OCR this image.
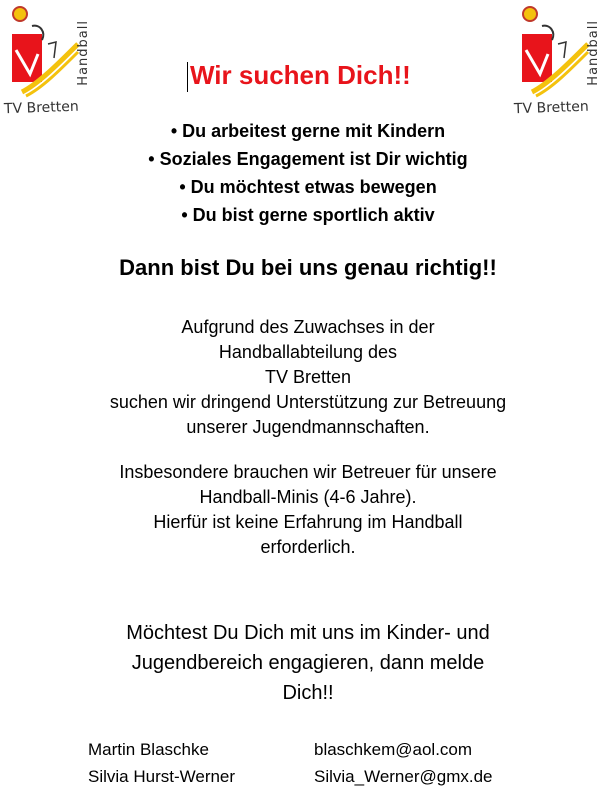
TV Bretten
Handball
TV Bretten
Handball
Wir suchen Dich!!
• Du arbeitest gerne mit Kindern
• Soziales Engagement ist Dir wichtig
• Du möchtest etwas bewegen
• Du bist gerne sportlich aktiv
Dann bist Du bei uns genau richtig!!
Aufgrund des Zuwachses in der
Handballabteilung des
TV Bretten
suchen wir dringend Unterstützung zur Betreuung
unserer Jugendmannschaften.
Insbesondere brauchen wir Betreuer für unsere
Handball-Minis (4-6 Jahre).
Hierfür ist keine Erfahrung im Handball
erforderlich.
Möchtest Du Dich mit uns im Kinder- und
Jugendbereich engagieren, dann melde
Dich!!
Martin Blaschke	blaschkem@aol.com
Silvia Hurst-Werner	Silvia_Werner@gmx.de
